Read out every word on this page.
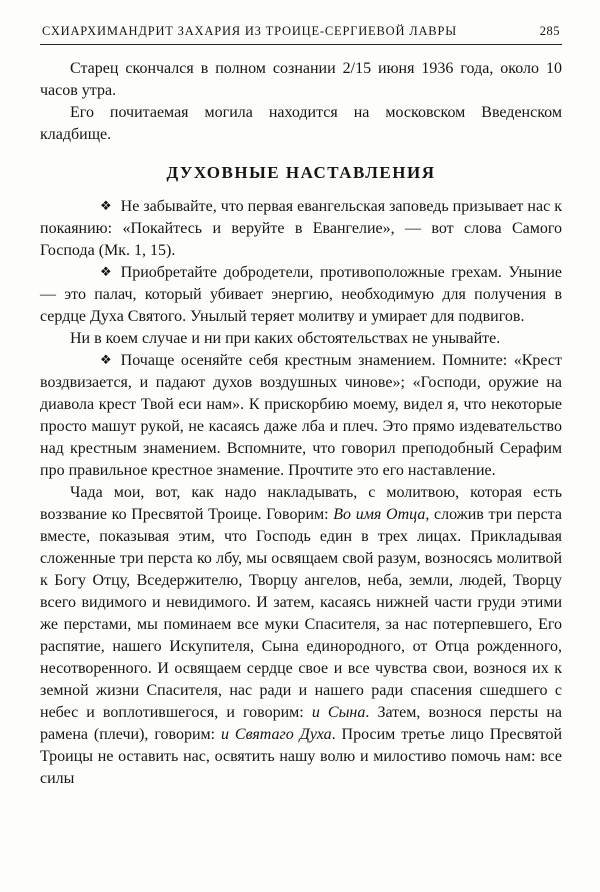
СХИАРХИМАНДРИТ ЗАХАРИЯ ИЗ ТРОИЦЕ-СЕРГИЕВОЙ ЛАВРЫ	285

Старец скончался в полном сознании 2/15 июня 1936 года, около 10 часов утра.

Его почитаемая могила находится на московском Введенском кладбище.

ДУХОВНЫЕ НАСТАВЛЕНИЯ

❖ Не забывайте, что первая евангельская заповедь призывает нас к покаянию: «Покайтесь и веруйте в Евангелие», — вот слова Самого Господа (Мк. 1, 15).

❖ Приобретайте добродетели, противоположные грехам. Уныние — это палач, который убивает энергию, необходимую для получения в сердце Духа Святого. Унылый теряет молитву и умирает для подвигов.

Ни в коем случае и ни при каких обстоятельствах не унывайте.

❖ Почаще осеняйте себя крестным знамением. Помните: «Крест воздвизается, и падают духов воздушных чинове»; «Господи, оружие на диавола крест Твой еси нам». К прискорбию моему, видел я, что некоторые просто машут рукой, не касаясь даже лба и плеч. Это прямо издевательство над крестным знамением. Вспомните, что говорил преподобный Серафим про правильное крестное знамение. Прочтите это его наставление.

Чада мои, вот, как надо накладывать, с молитвою, которая есть воззвание ко Пресвятой Троице. Говорим: Во имя Отца, сложив три перста вместе, показывая этим, что Господь един в трех лицах. Прикладывая сложенные три перста ко лбу, мы освящаем свой разум, возносясь молитвой к Богу Отцу, Вседержителю, Творцу ангелов, неба, земли, людей, Творцу всего видимого и невидимого. И затем, касаясь нижней части груди этими же перстами, мы поминаем все муки Спасителя, за нас потерпевшего, Его распятие, нашего Искупителя, Сына единородного, от Отца рожденного, несотворенного. И освящаем сердце свое и все чувства свои, вознося их к земной жизни Спасителя, нас ради и нашего ради спасения сшедшего с небес и воплотившегося, и говорим: и Сына. Затем, вознося персты на рамена (плечи), говорим: и Святаго Духа. Просим третье лицо Пресвятой Троицы не оставить нас, освятить нашу волю и милостиво помочь нам: все силы
